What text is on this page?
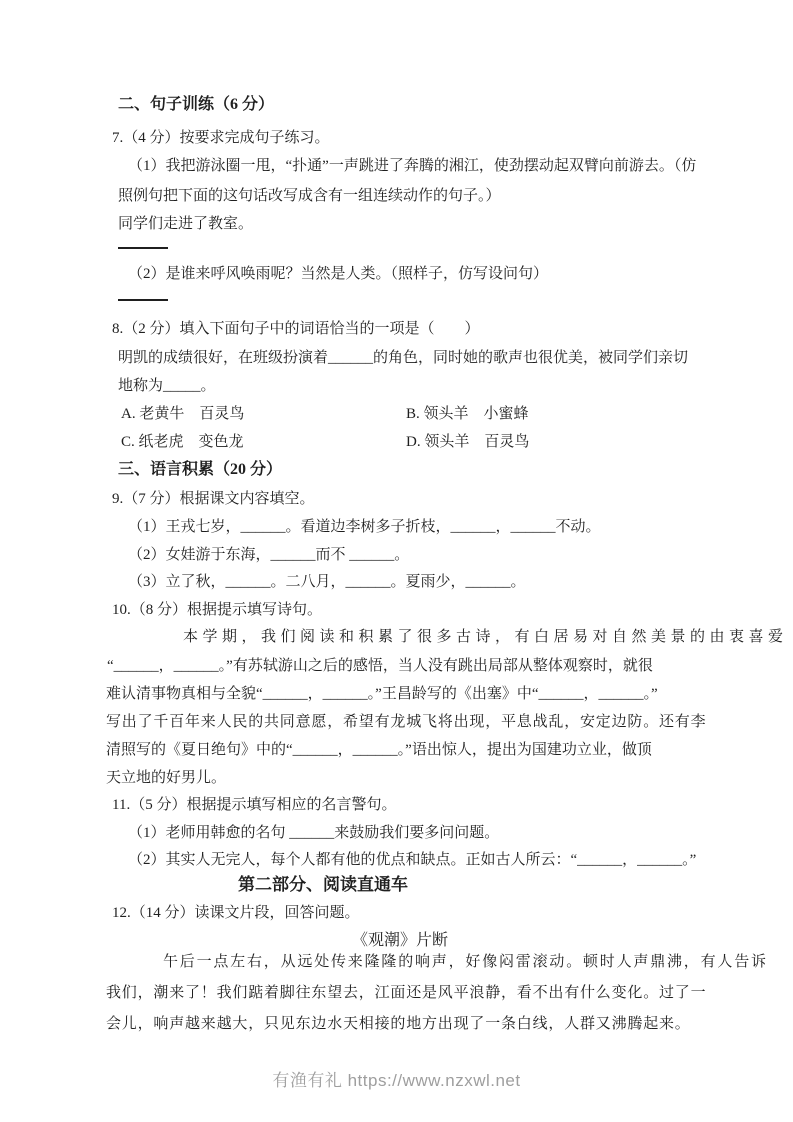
二、句子训练（6 分）
7.（4 分）按要求完成句子练习。
（1）我把游泳圈一甩，“扑通”一声跳进了奔腾的湘江，使劲摆动起双臂向前游去。（仿
照例句把下面的这句话改写成含有一组连续动作的句子。）
同学们走进了教室。
（2）是谁来呼风唤雨呢？当然是人类。（照样子，仿写设问句）
8.（2 分）填入下面句子中的词语恰当的一项是（　　）
明凯的成绩很好，在班级扮演着______的角色，同时她的歌声也很优美，被同学们亲切
地称为_____。
A. 老黄牛　百灵鸟	B. 领头羊　小蜜蜂
C. 纸老虎　变色龙	D. 领头羊　百灵鸟
三、语言积累（20 分）
9.（7 分）根据课文内容填空。
（1）王戎七岁，______。看道边李树多子折枝，______，______不动。
（2）女娃游于东海，______而不 ______。
（3）立了秋，______。二八月，______。夏雨少，______。
10.（8 分）根据提示填写诗句。
本学期，我们阅读和积累了很多古诗，有白居易对自然美景的由衷喜爱
“______，______。”有苏轼游山之后的感悟，当人没有跳出局部从整体观察时，就很
难认清事物真相与全貌“______，______。”王昌龄写的《出塞》中“______，______。”
写出了千百年来人民的共同意愿，希望有龙城飞将出现，平息战乱，安定边防。还有李
清照写的《夏日绝句》中的“______，______。”语出惊人，提出为国建功立业，做顶
天立地的好男儿。
11.（5 分）根据提示填写相应的名言警句。
（1）老师用韩愈的名句 ______来鼓励我们要多问问题。
（2）其实人无完人，每个人都有他的优点和缺点。正如古人所云：“______，______。”
第二部分、阅读直通车
12.（14 分）读课文片段，回答问题。
《观潮》片断
午后一点左右，从远处传来隆隆的响声，好像闷雷滚动。顿时人声鼎沸，有人告诉
我们，潮来了！我们踮着脚往东望去，江面还是风平浪静，看不出有什么变化。过了一
会儿，响声越来越大，只见东边水天相接的地方出现了一条白线，人群又沸腾起来。
有渔有礼 https://www.nzxwl.net
